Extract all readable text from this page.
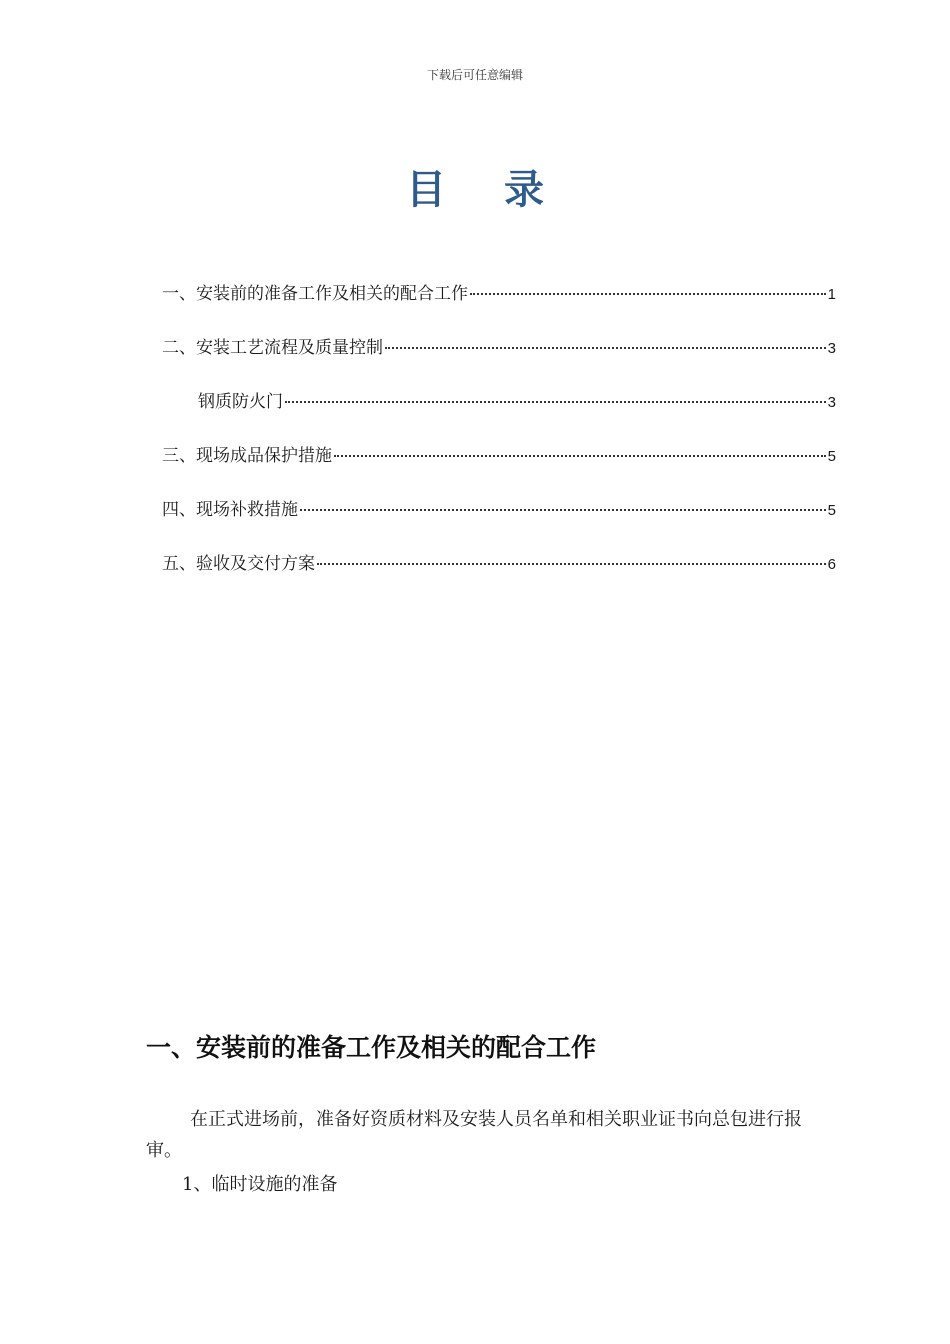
下载后可任意编辑
目 录
一、安装前的准备工作及相关的配合工作	1
二、安装工艺流程及质量控制	3
钢质防火门	3
三、现场成品保护措施	5
四、现场补救措施	5
五、验收及交付方案	6
一、安装前的准备工作及相关的配合工作
在正式进场前，准备好资质材料及安装人员名单和相关职业证书向总包进行报审。
1、临时设施的准备
